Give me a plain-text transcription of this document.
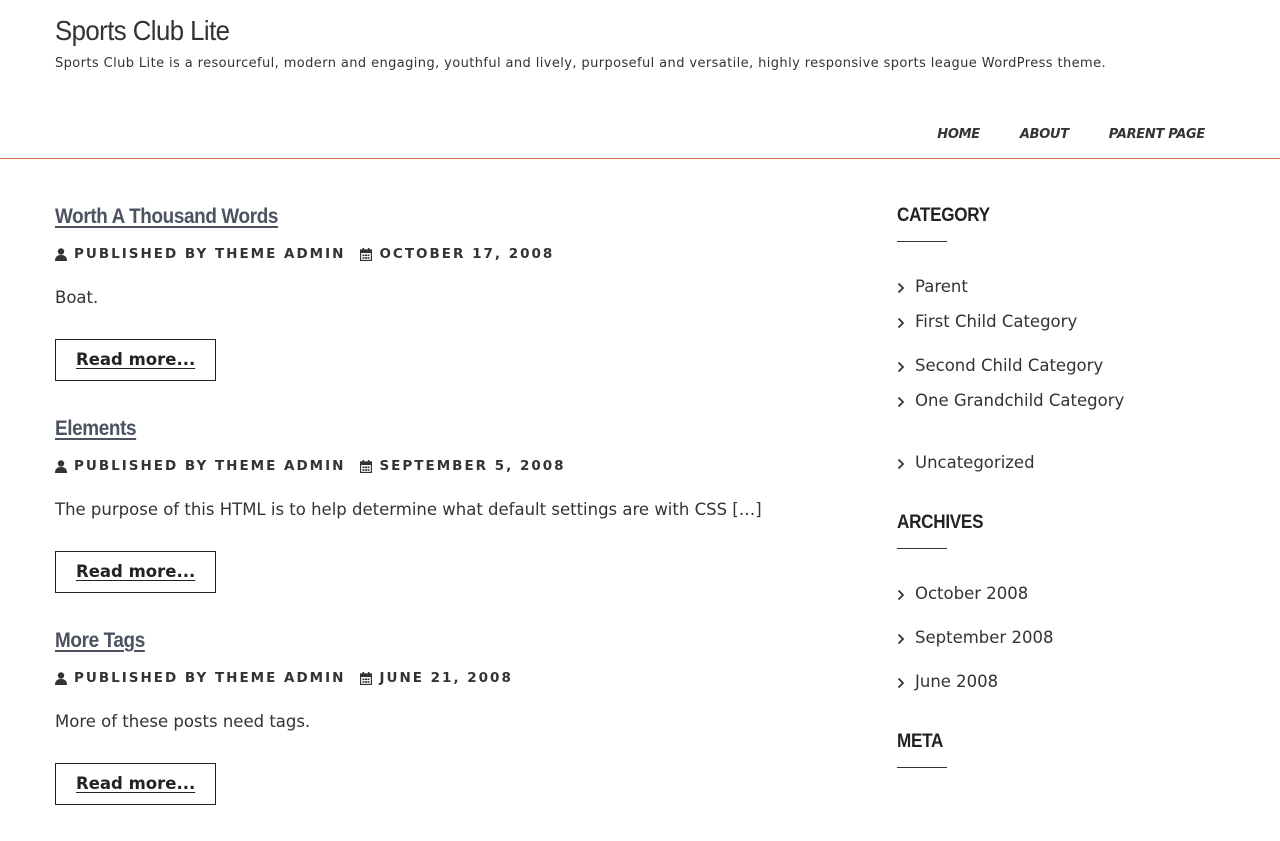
Sports Club Lite

Sports Club Lite is a resourceful, modern and engaging, youthful and lively, purposeful and versatile, highly responsive sports league WordPress theme.

HOME	ABOUT	PARENT PAGE
Worth A Thousand Words
PUBLISHED BY THEME ADMIN	OCTOBER 17, 2008

Boat.

Read more...
Elements
PUBLISHED BY THEME ADMIN	SEPTEMBER 5, 2008

The purpose of this HTML is to help determine what default settings are with CSS […]

Read more...
More Tags
PUBLISHED BY THEME ADMIN	JUNE 21, 2008

More of these posts need tags.

Read more...
CATEGORY
Parent
First Child Category
Second Child Category
One Grandchild Category
Uncategorized
ARCHIVES
October 2008
September 2008
June 2008
META
